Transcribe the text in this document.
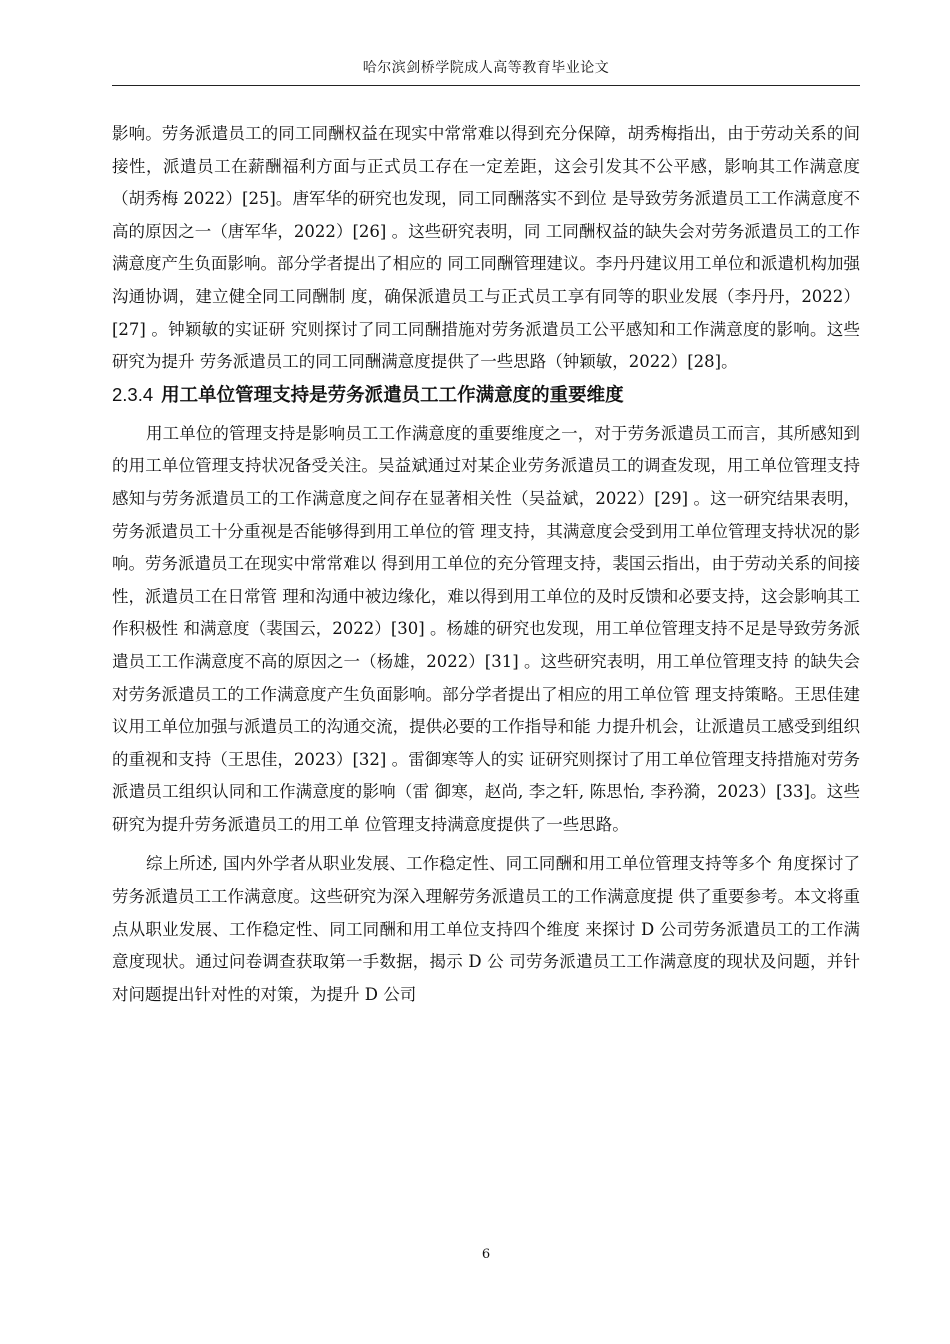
哈尔滨剑桥学院成人高等教育毕业论文

影响。劳务派遣员工的同工同酬权益在现实中常常难以得到充分保障，胡秀梅指出，由于劳动关系的间接性，派遣员工在薪酬福利方面与正式员工存在一定差距，这会引发其不公平感，影响其工作满意度（胡秀梅 2022）[25]。唐军华的研究也发现，同工同酬落实不到位 是导致劳务派遣员工工作满意度不高的原因之一（唐军华，2022）[26] 。这些研究表明，同 工同酬权益的缺失会对劳务派遣员工的工作满意度产生负面影响。部分学者提出了相应的 同工同酬管理建议。李丹丹建议用工单位和派遣机构加强沟通协调，建立健全同工同酬制 度，确保派遣员工与正式员工享有同等的职业发展（李丹丹，2022）[27] 。钟颖敏的实证研 究则探讨了同工同酬措施对劳务派遣员工公平感知和工作满意度的影响。这些研究为提升 劳务派遣员工的同工同酬满意度提供了一些思路（钟颖敏，2022）[28]。

2.3.4 用工单位管理支持是劳务派遣员工工作满意度的重要维度

用工单位的管理支持是影响员工工作满意度的重要维度之一，对于劳务派遣员工而言，其所感知到的用工单位管理支持状况备受关注。吴益斌通过对某企业劳务派遣员工的调查发现，用工单位管理支持感知与劳务派遣员工的工作满意度之间存在显著相关性（吴益斌，2022）[29] 。这一研究结果表明，劳务派遣员工十分重视是否能够得到用工单位的管 理支持，其满意度会受到用工单位管理支持状况的影响。劳务派遣员工在现实中常常难以 得到用工单位的充分管理支持，裴国云指出，由于劳动关系的间接性，派遣员工在日常管 理和沟通中被边缘化，难以得到用工单位的及时反馈和必要支持，这会影响其工作积极性 和满意度（裴国云，2022）[30] 。杨雄的研究也发现，用工单位管理支持不足是导致劳务派 遣员工工作满意度不高的原因之一（杨雄，2022）[31] 。这些研究表明，用工单位管理支持 的缺失会对劳务派遣员工的工作满意度产生负面影响。部分学者提出了相应的用工单位管 理支持策略。王思佳建议用工单位加强与派遣员工的沟通交流，提供必要的工作指导和能 力提升机会，让派遣员工感受到组织的重视和支持（王思佳，2023）[32] 。雷御寒等人的实 证研究则探讨了用工单位管理支持措施对劳务派遣员工组织认同和工作满意度的影响（雷 御寒，赵尚, 李之轩, 陈思怡, 李矜漪，2023）[33]。这些研究为提升劳务派遣员工的用工单 位管理支持满意度提供了一些思路。

综上所述, 国内外学者从职业发展、工作稳定性、同工同酬和用工单位管理支持等多个 角度探讨了劳务派遣员工工作满意度。这些研究为深入理解劳务派遣员工的工作满意度提 供了重要参考。本文将重点从职业发展、工作稳定性、同工同酬和用工单位支持四个维度 来探讨 D 公司劳务派遣员工的工作满意度现状。通过问卷调查获取第一手数据，揭示 D 公 司劳务派遣员工工作满意度的现状及问题，并针对问题提出针对性的对策，为提升 D 公司

6
